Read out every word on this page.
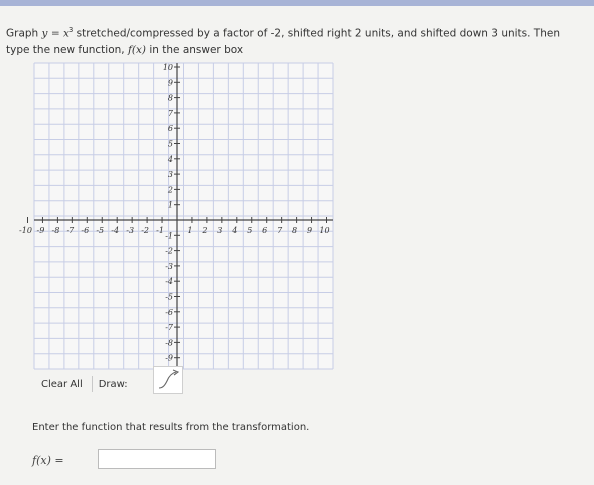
Graph $y = x^3$ stretched/compressed by a factor of -2, shifted right 2 units, and shifted down 3 units. Then
type the new function, f(x) in the answer box
-10 -9 -8 -7 -6 -5 -4 -3 -2 -1	1 2 3 4 5 6 7 8 9 10
10
9
8
7
6
5
4
3
2
1
-1
-2
-3
-4
-5
-6
-7
-8
-9
Clear All	Draw:
Enter the function that results from the transformation.
f(x) =
